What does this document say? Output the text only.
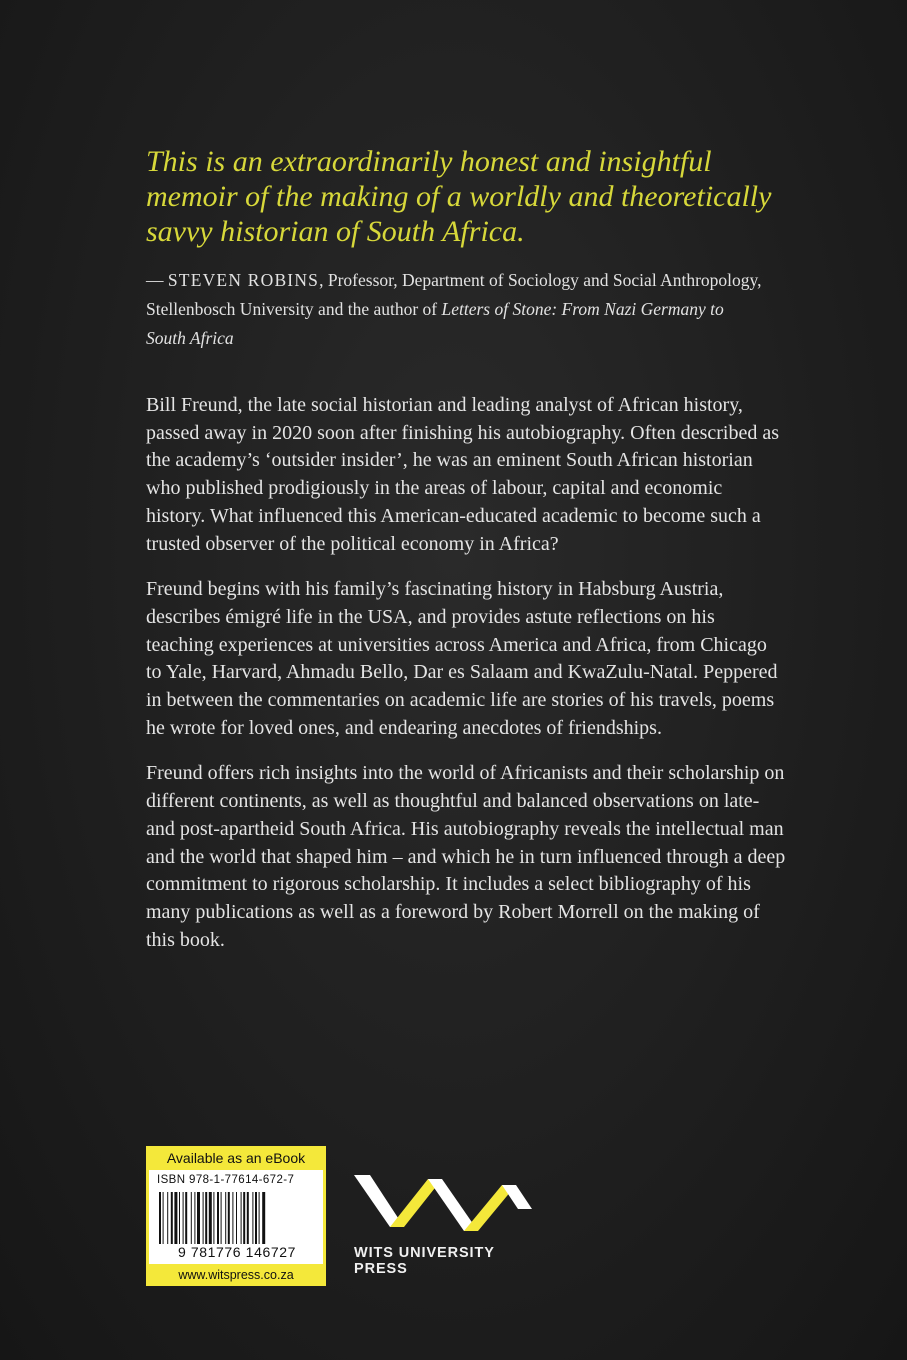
This is an extraordinarily honest and insightful memoir of the making of a worldly and theoretically savvy historian of South Africa.

— STEVEN ROBINS, Professor, Department of Sociology and Social Anthropology, Stellenbosch University and the author of Letters of Stone: From Nazi Germany to South Africa

Bill Freund, the late social historian and leading analyst of African history, passed away in 2020 soon after finishing his autobiography. Often described as the academy’s ‘outsider insider’, he was an eminent South African historian who published prodigiously in the areas of labour, capital and economic history. What influenced this American-educated academic to become such a trusted observer of the political economy in Africa?

Freund begins with his family’s fascinating history in Habsburg Austria, describes émigré life in the USA, and provides astute reflections on his teaching experiences at universities across America and Africa, from Chicago to Yale, Harvard, Ahmadu Bello, Dar es Salaam and KwaZulu-Natal. Peppered in between the commentaries on academic life are stories of his travels, poems he wrote for loved ones, and endearing anecdotes of friendships.

Freund offers rich insights into the world of Africanists and their scholarship on different continents, as well as thoughtful and balanced observations on late- and post-apartheid South Africa. His autobiography reveals the intellectual man and the world that shaped him – and which he in turn influenced through a deep commitment to rigorous scholarship. It includes a select bibliography of his many publications as well as a foreword by Robert Morrell on the making of this book.

Available as an eBook
ISBN 978-1-77614-672-7
9 781776 146727
www.witspress.co.za
WITS UNIVERSITY PRESS
